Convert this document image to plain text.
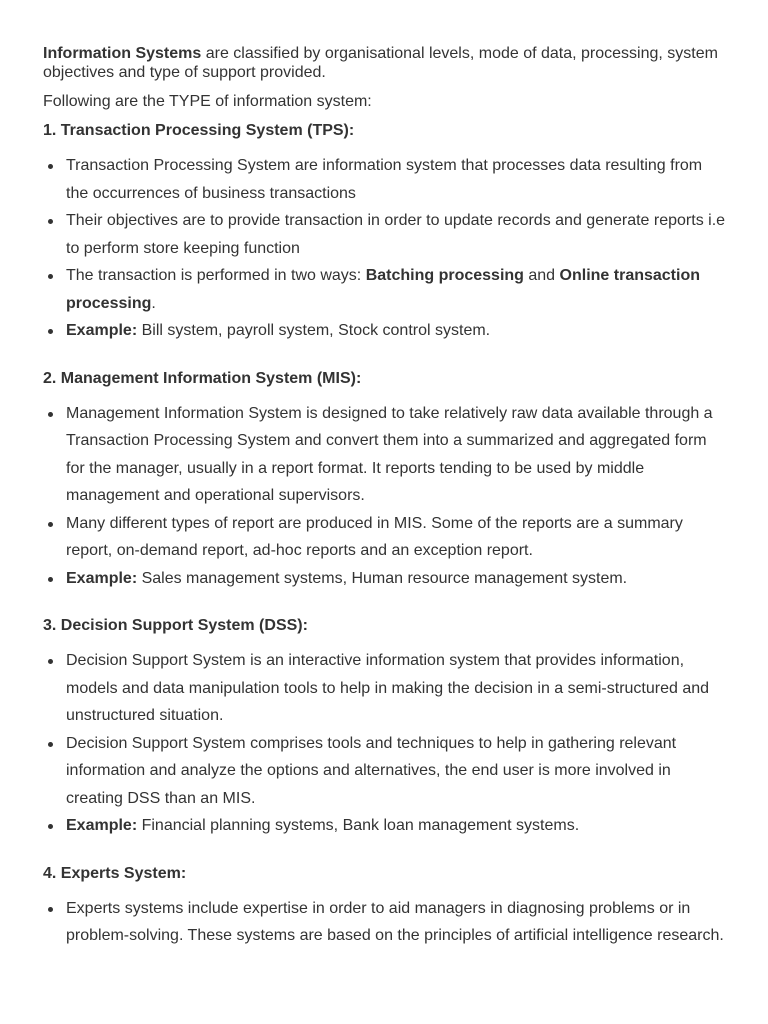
Information Systems are classified by organisational levels, mode of data, processing, system objectives and type of support provided.

Following are the TYPE of information system:

1. Transaction Processing System (TPS):
Transaction Processing System are information system that processes data resulting from the occurrences of business transactions
Their objectives are to provide transaction in order to update records and generate reports i.e to perform store keeping function
The transaction is performed in two ways: Batching processing and Online transaction processing.
Example: Bill system, payroll system, Stock control system.
2. Management Information System (MIS):
Management Information System is designed to take relatively raw data available through a Transaction Processing System and convert them into a summarized and aggregated form for the manager, usually in a report format. It reports tending to be used by middle management and operational supervisors.
Many different types of report are produced in MIS. Some of the reports are a summary report, on-demand report, ad-hoc reports and an exception report.
Example: Sales management systems, Human resource management system.
3. Decision Support System (DSS):
Decision Support System is an interactive information system that provides information, models and data manipulation tools to help in making the decision in a semi-structured and unstructured situation.
Decision Support System comprises tools and techniques to help in gathering relevant information and analyze the options and alternatives, the end user is more involved in creating DSS than an MIS.
Example: Financial planning systems, Bank loan management systems.
4. Experts System:
Experts systems include expertise in order to aid managers in diagnosing problems or in problem-solving. These systems are based on the principles of artificial intelligence research.
